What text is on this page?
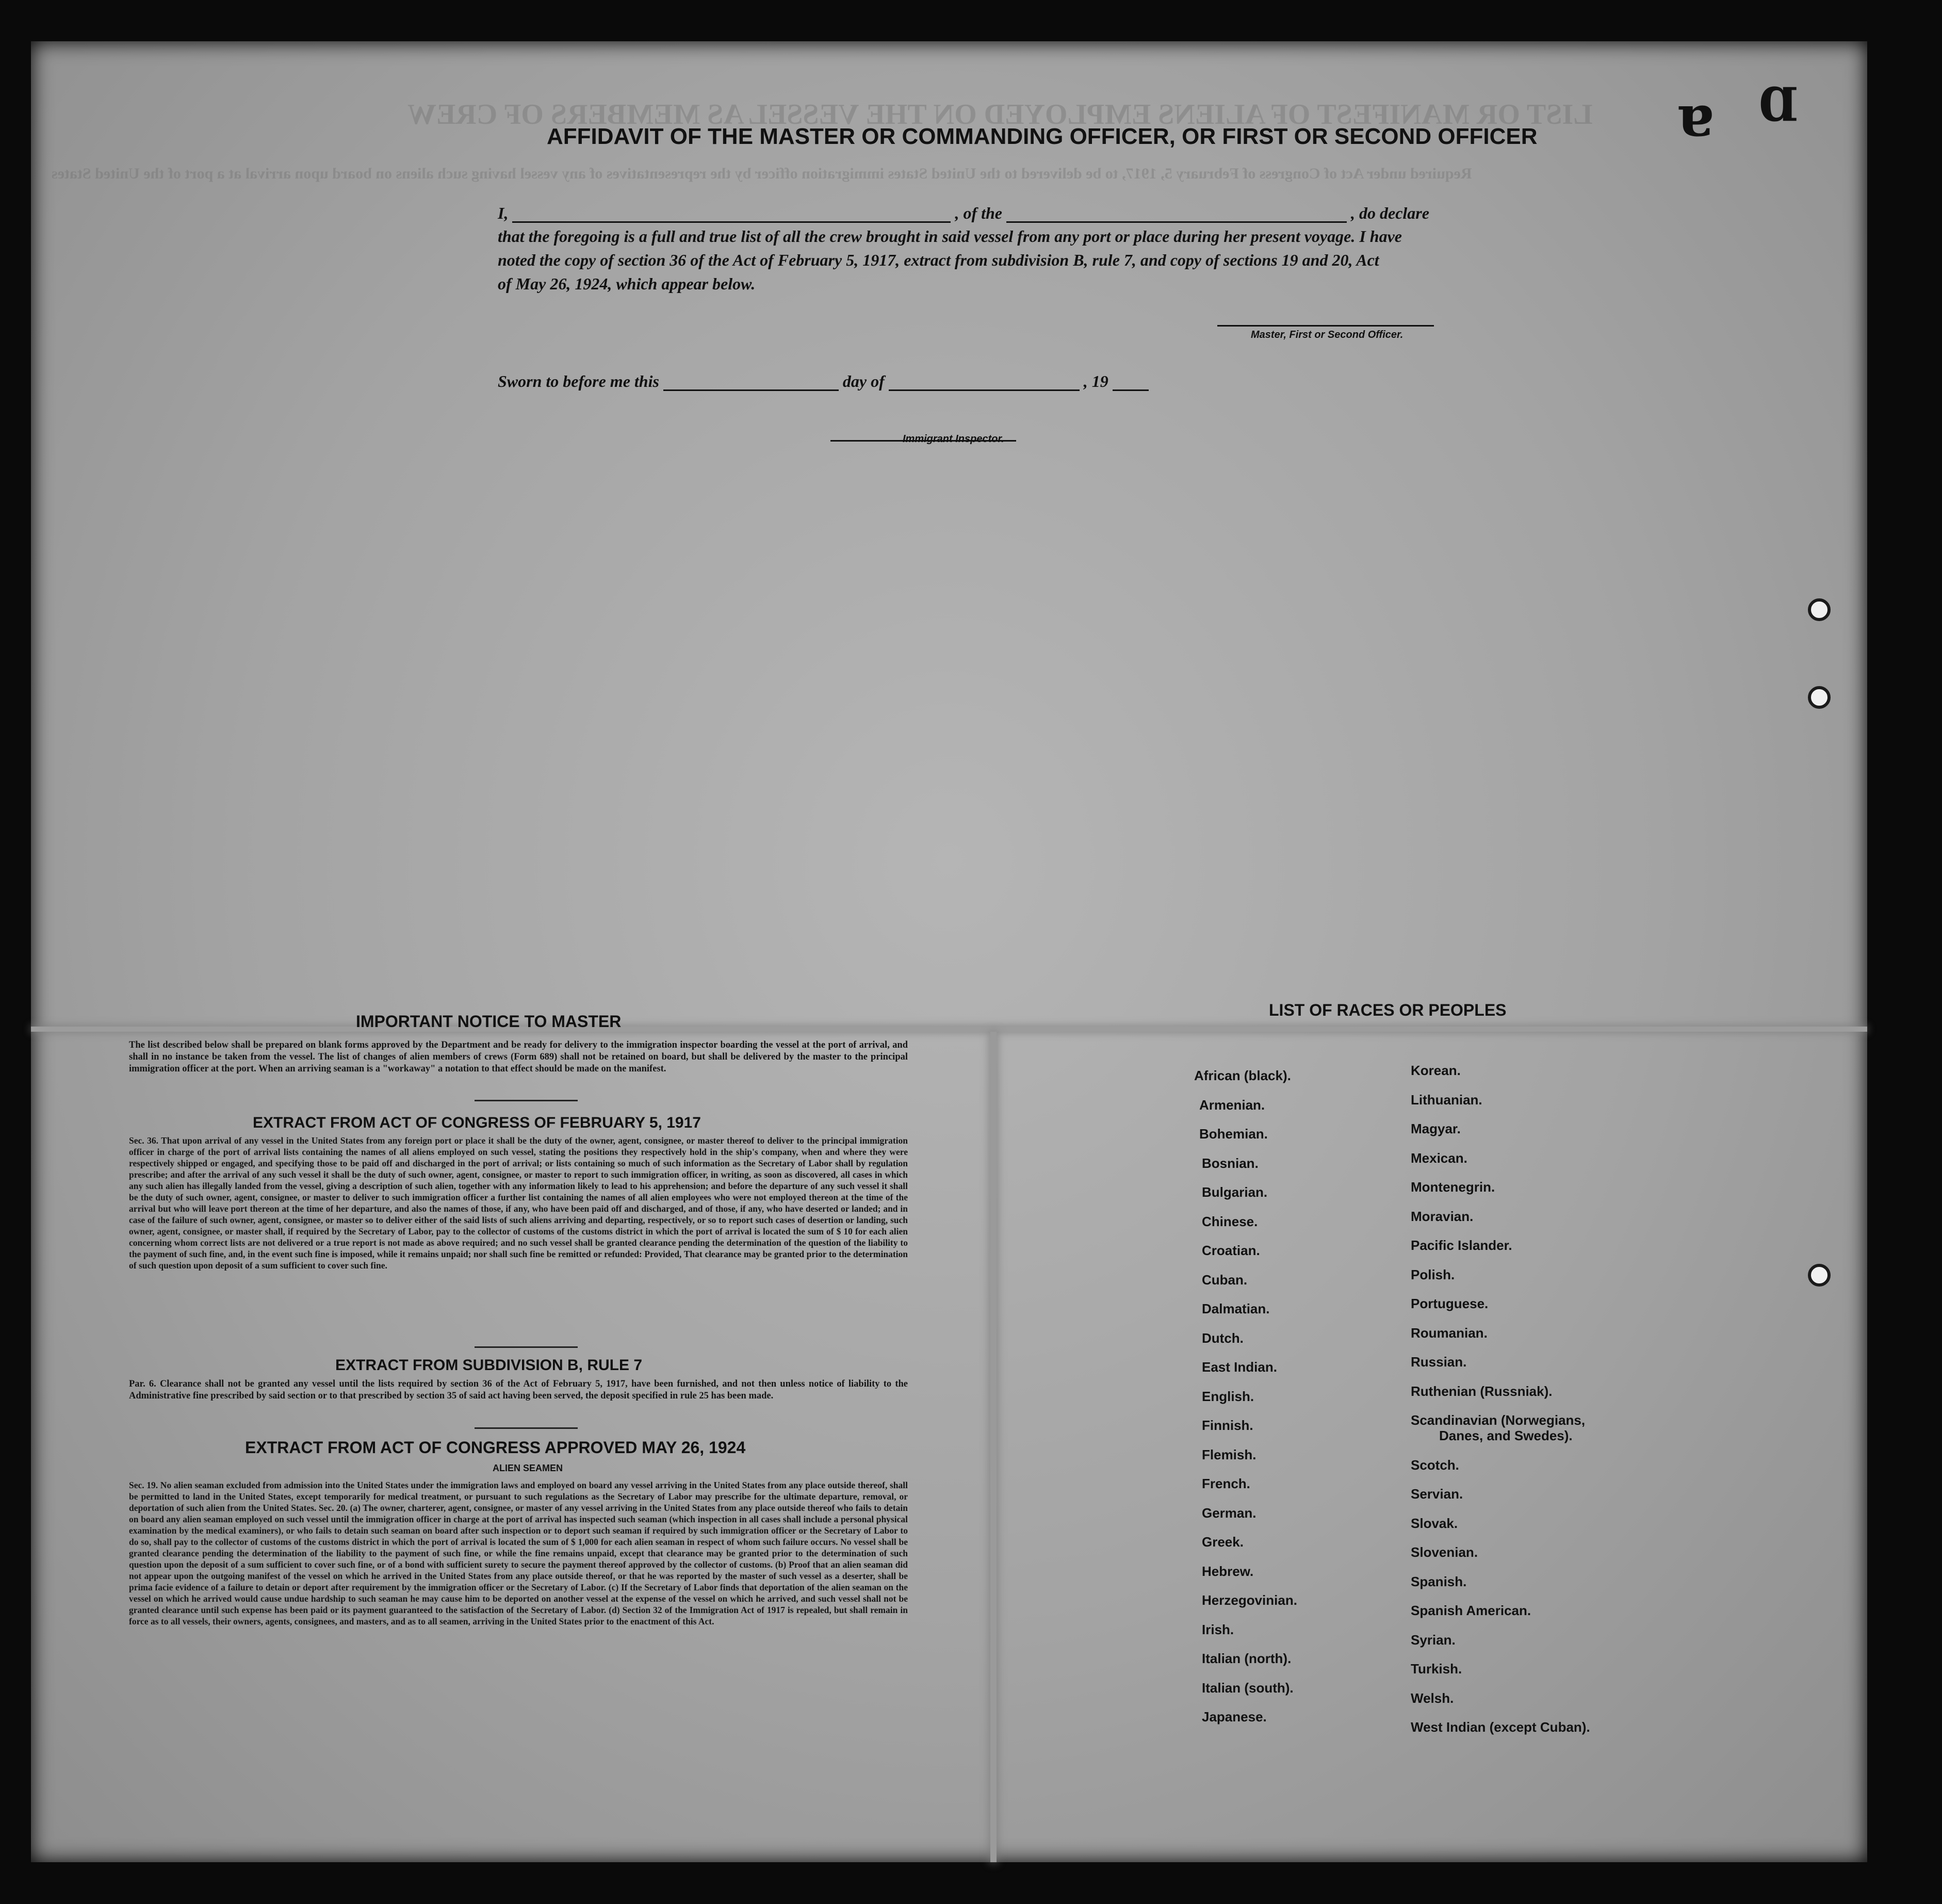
LIST OR MANIFEST OF ALIENS EMPLOYED ON THE VESSEL AS MEMBERS OF CREW
Required under Act of Congress of February 5, 1917, to be delivered to the United States immigration officer by the representatives of any vessel having such aliens on board upon arrival at a port of the United States
ɐ Ɑ
AFFIDAVIT OF THE MASTER OR COMMANDING OFFICER, OR FIRST OR SECOND OFFICER
I,	, of the	, do declare
that the foregoing is a full and true list of all the crew brought in said vessel from any port or place during her present voyage. I have
noted the copy of section 36 of the Act of February 5, 1917, extract from subdivision B, rule 7, and copy of sections 19 and 20, Act
of May 26, 1924, which appear below.
Master, First or Second Officer.
Sworn to before me this	day of	, 19
Immigrant Inspector.
IMPORTANT NOTICE TO MASTER
The list described below shall be prepared on blank forms approved by the Department and be ready for delivery to the immigration inspector boarding the vessel at the port of arrival, and shall in no instance be taken from the vessel. The list of changes of alien members of crews (Form 689) shall not be retained on board, but shall be delivered by the master to the principal immigration officer at the port. When an arriving seaman is a "workaway" a notation to that effect should be made on the manifest.
EXTRACT FROM ACT OF CONGRESS OF FEBRUARY 5, 1917
Sec. 36. That upon arrival of any vessel in the United States from any foreign port or place it shall be the duty of the owner, agent, consignee, or master thereof to deliver to the principal immigration officer in charge of the port of arrival lists containing the names of all aliens employed on such vessel, stating the positions they respectively hold in the ship's company, when and where they were respectively shipped or engaged, and specifying those to be paid off and discharged in the port of arrival; or lists containing so much of such information as the Secretary of Labor shall by regulation prescribe; and after the arrival of any such vessel it shall be the duty of such owner, agent, consignee, or master to report to such immigration officer, in writing, as soon as discovered, all cases in which any such alien has illegally landed from the vessel, giving a description of such alien, together with any information likely to lead to his apprehension; and before the departure of any such vessel it shall be the duty of such owner, agent, consignee, or master to deliver to such immigration officer a further list containing the names of all alien employees who were not employed thereon at the time of the arrival but who will leave port thereon at the time of her departure, and also the names of those, if any, who have been paid off and discharged, and of those, if any, who have deserted or landed; and in case of the failure of such owner, agent, consignee, or master so to deliver either of the said lists of such aliens arriving and departing, respectively, or so to report such cases of desertion or landing, such owner, agent, consignee, or master shall, if required by the Secretary of Labor, pay to the collector of customs of the customs district in which the port of arrival is located the sum of $ 10 for each alien concerning whom correct lists are not delivered or a true report is not made as above required; and no such vessel shall be granted clearance pending the determination of the question of the liability to the payment of such fine, and, in the event such fine is imposed, while it remains unpaid; nor shall such fine be remitted or refunded: Provided, That clearance may be granted prior to the determination of such question upon deposit of a sum sufficient to cover such fine.
EXTRACT FROM SUBDIVISION B, RULE 7
Par. 6. Clearance shall not be granted any vessel until the lists required by section 36 of the Act of February 5, 1917, have been furnished, and not then unless notice of liability to the Administrative fine prescribed by said section or to that prescribed by section 35 of said act having been served, the deposit specified in rule 25 has been made.
EXTRACT FROM ACT OF CONGRESS APPROVED MAY 26, 1924
ALIEN SEAMEN
Sec. 19. No alien seaman excluded from admission into the United States under the immigration laws and employed on board any vessel arriving in the United States from any place outside thereof, shall be permitted to land in the United States, except temporarily for medical treatment, or pursuant to such regulations as the Secretary of Labor may prescribe for the ultimate departure, removal, or deportation of such alien from the United States. Sec. 20. (a) The owner, charterer, agent, consignee, or master of any vessel arriving in the United States from any place outside thereof who fails to detain on board any alien seaman employed on such vessel until the immigration officer in charge at the port of arrival has inspected such seaman (which inspection in all cases shall include a personal physical examination by the medical examiners), or who fails to detain such seaman on board after such inspection or to deport such seaman if required by such immigration officer or the Secretary of Labor to do so, shall pay to the collector of customs of the customs district in which the port of arrival is located the sum of $ 1,000 for each alien seaman in respect of whom such failure occurs. No vessel shall be granted clearance pending the determination of the liability to the payment of such fine, or while the fine remains unpaid, except that clearance may be granted prior to the determination of such question upon the deposit of a sum sufficient to cover such fine, or of a bond with sufficient surety to secure the payment thereof approved by the collector of customs. (b) Proof that an alien seaman did not appear upon the outgoing manifest of the vessel on which he arrived in the United States from any place outside thereof, or that he was reported by the master of such vessel as a deserter, shall be prima facie evidence of a failure to detain or deport after requirement by the immigration officer or the Secretary of Labor. (c) If the Secretary of Labor finds that deportation of the alien seaman on the vessel on which he arrived would cause undue hardship to such seaman he may cause him to be deported on another vessel at the expense of the vessel on which he arrived, and such vessel shall not be granted clearance until such expense has been paid or its payment guaranteed to the satisfaction of the Secretary of Labor. (d) Section 32 of the Immigration Act of 1917 is repealed, but shall remain in force as to all vessels, their owners, agents, consignees, and masters, and as to all seamen, arriving in the United States prior to the enactment of this Act.
LIST OF RACES OR PEOPLES
African (black).
Armenian.
Bohemian.
Bosnian.
Bulgarian.
Chinese.
Croatian.
Cuban.
Dalmatian.
Dutch.
East Indian.
English.
Finnish.
Flemish.
French.
German.
Greek.
Hebrew.
Herzegovinian.
Irish.
Italian (north).
Italian (south).
Japanese.
Korean.
Lithuanian.
Magyar.
Mexican.
Montenegrin.
Moravian.
Pacific Islander.
Polish.
Portuguese.
Roumanian.
Russian.
Ruthenian (Russniak).
Scandinavian (Norwegians,
Danes, and Swedes).
Scotch.
Servian.
Slovak.
Slovenian.
Spanish.
Spanish American.
Syrian.
Turkish.
Welsh.
West Indian (except Cuban).
